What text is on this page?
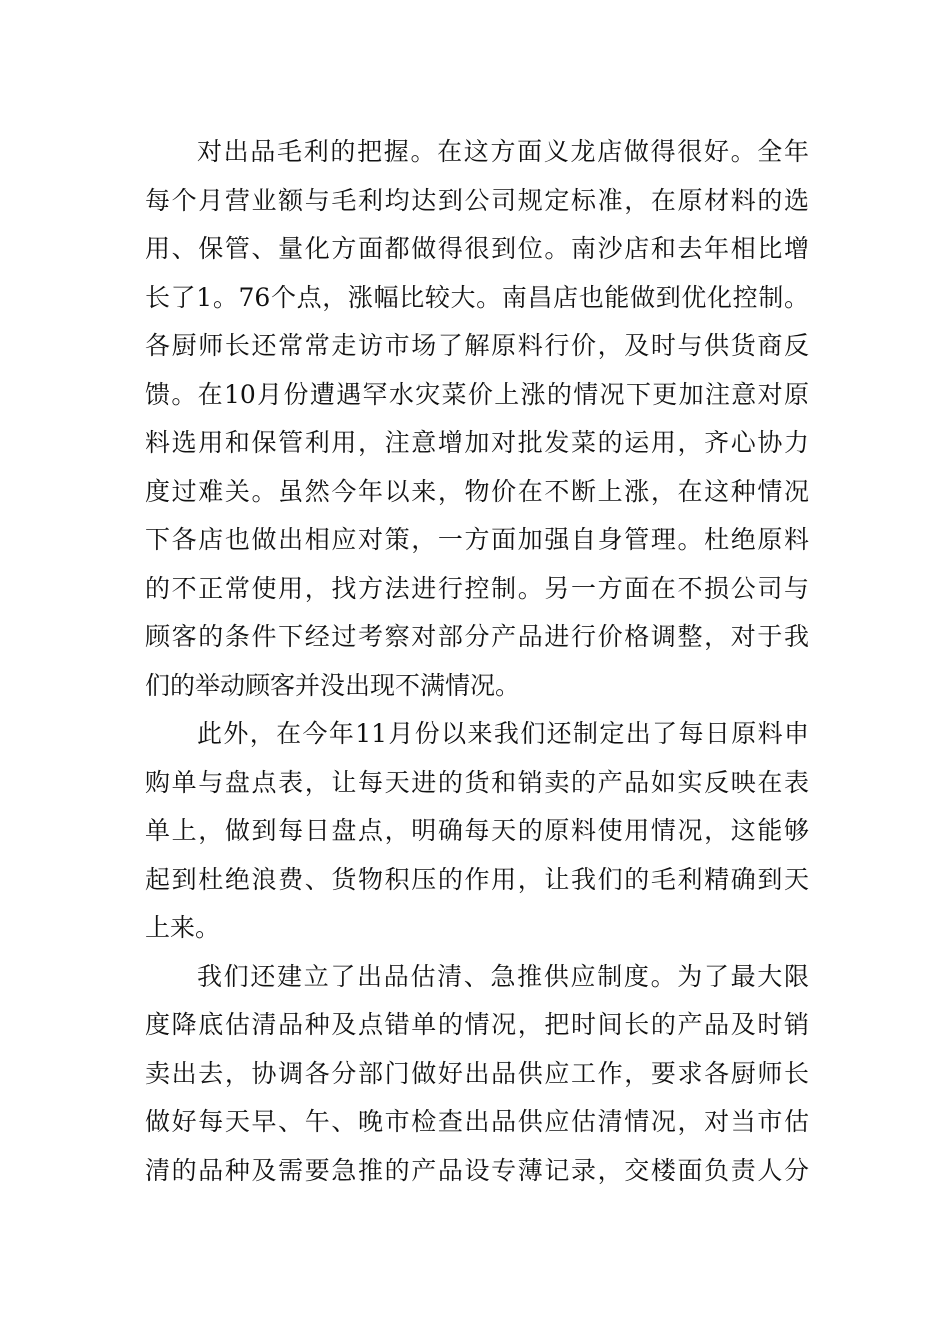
对出品毛利的把握。在这方面义龙店做得很好。全年
每个月营业额与毛利均达到公司规定标准，在原材料的选
用、保管、量化方面都做得很到位。南沙店和去年相比增
长了1。76个点，涨幅比较大。南昌店也能做到优化控制。
各厨师长还常常走访市场了解原料行价，及时与供货商反
馈。在10月份遭遇罕水灾菜价上涨的情况下更加注意对原
料选用和保管利用，注意增加对批发菜的运用，齐心协力
度过难关。虽然今年以来，物价在不断上涨，在这种情况
下各店也做出相应对策，一方面加强自身管理。杜绝原料
的不正常使用，找方法进行控制。另一方面在不损公司与
顾客的条件下经过考察对部分产品进行价格调整，对于我
们的举动顾客并没出现不满情况。
此外，在今年11月份以来我们还制定出了每日原料申
购单与盘点表，让每天进的货和销卖的产品如实反映在表
单上，做到每日盘点，明确每天的原料使用情况，这能够
起到杜绝浪费、货物积压的作用，让我们的毛利精确到天
上来。
我们还建立了出品估清、急推供应制度。为了最大限
度降底估清品种及点错单的情况，把时间长的产品及时销
卖出去，协调各分部门做好出品供应工作，要求各厨师长
做好每天早、午、晚市检查出品供应估清情况，对当市估
清的品种及需要急推的产品设专薄记录，交楼面负责人分
